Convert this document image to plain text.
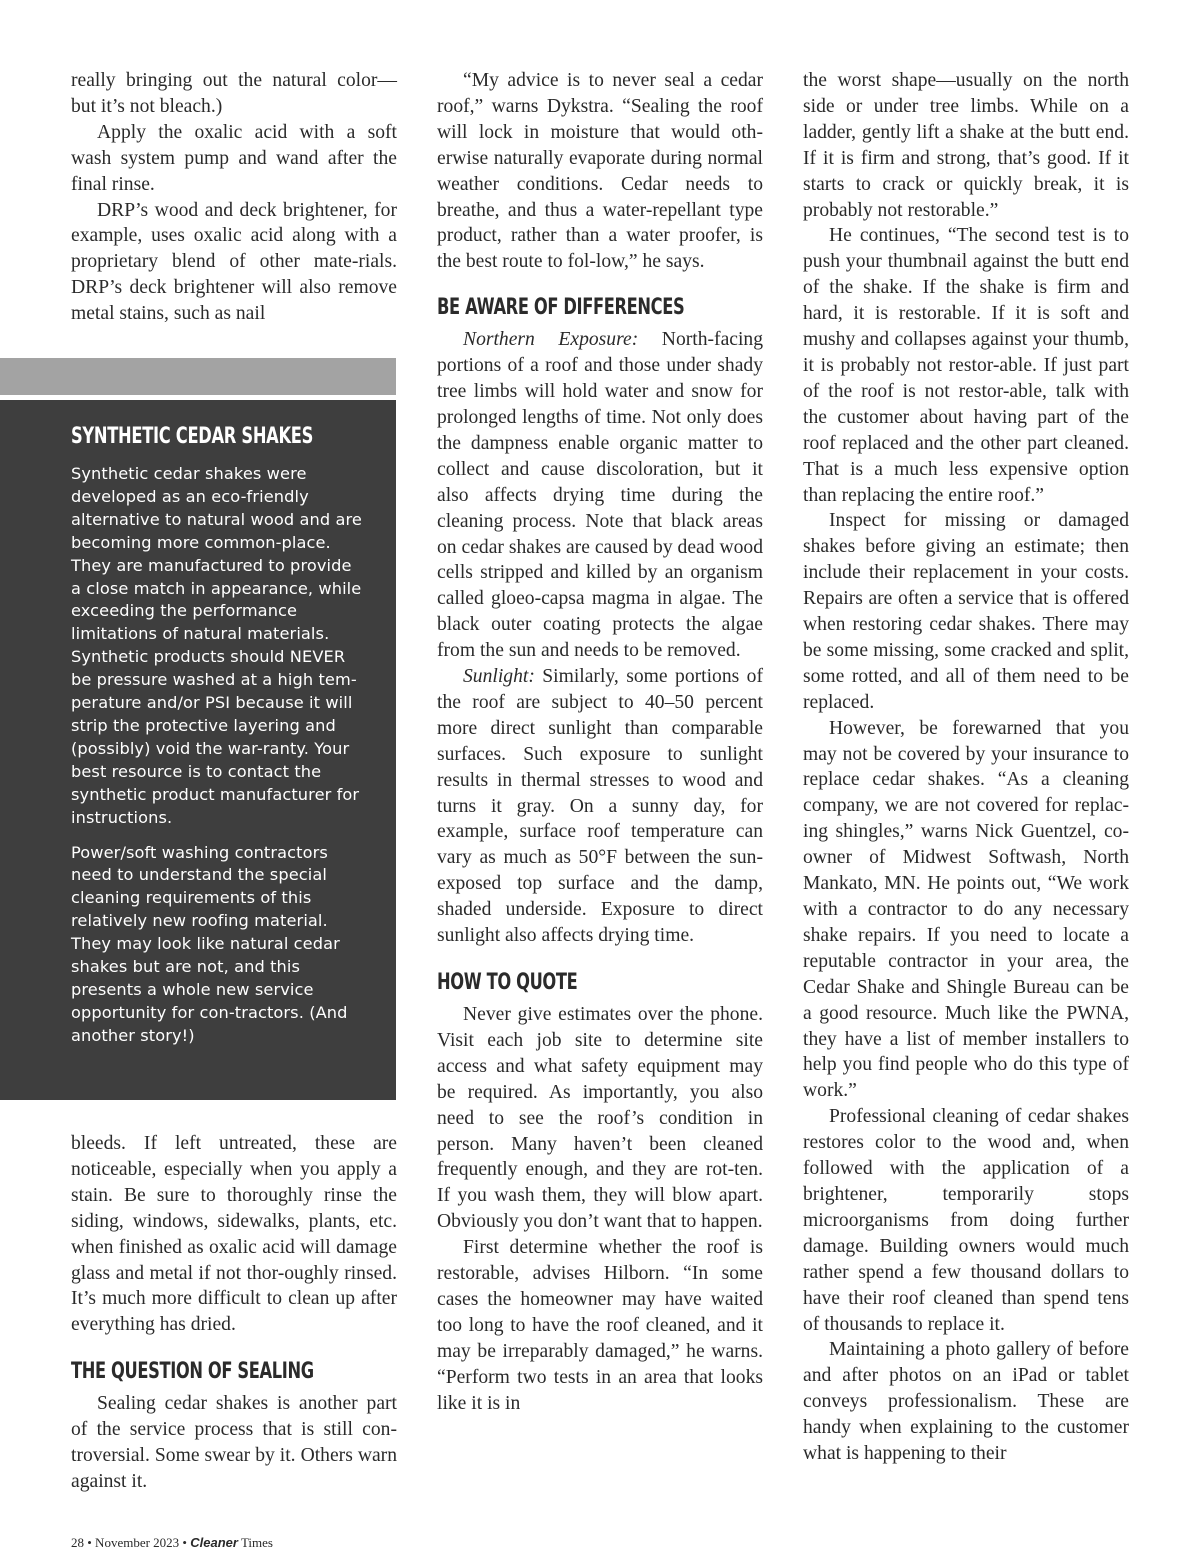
really bringing out the natural color— but it’s not bleach.)

Apply the oxalic acid with a soft wash system pump and wand after the final rinse.

DRP’s wood and deck brightener, for example, uses oxalic acid along with a proprietary blend of other mate-rials. DRP’s deck brightener will also remove metal stains, such as nail

SYNTHETIC CEDAR SHAKES

Synthetic cedar shakes were developed as an eco-friendly alternative to natural wood and are becoming more common-place. They are manufactured to provide a close match in appearance, while exceeding the performance limitations of natural materials. Synthetic products should NEVER be pressure washed at a high tem-perature and/or PSI because it will strip the protective layering and (possibly) void the war-ranty. Your best resource is to contact the synthetic product manufacturer for instructions.

Power/soft washing contractors need to understand the special cleaning requirements of this relatively new roofing material. They may look like natural cedar shakes but are not, and this presents a whole new service opportunity for con-tractors. (And another story!)

bleeds. If left untreated, these are noticeable, especially when you apply a stain. Be sure to thoroughly rinse the siding, windows, sidewalks, plants, etc. when finished as oxalic acid will damage glass and metal if not thor-oughly rinsed. It’s much more difficult to clean up after everything has dried.

THE QUESTION OF SEALING

Sealing cedar shakes is another part of the service process that is still con-troversial. Some swear by it. Others warn against it.

“My advice is to never seal a cedar roof,” warns Dykstra. “Sealing the roof will lock in moisture that would oth-erwise naturally evaporate during normal weather conditions. Cedar needs to breathe, and thus a water-repellant type product, rather than a water proofer, is the best route to fol-low,” he says.

BE AWARE OF DIFFERENCES

Northern Exposure: North-facing portions of a roof and those under shady tree limbs will hold water and snow for prolonged lengths of time. Not only does the dampness enable organic matter to collect and cause discoloration, but it also affects drying time during the cleaning process. Note that black areas on cedar shakes are caused by dead wood cells stripped and killed by an organism called gloeo-capsa magma in algae. The black outer coating protects the algae from the sun and needs to be removed.

Sunlight: Similarly, some portions of the roof are subject to 40–50 percent more direct sunlight than comparable surfaces. Such exposure to sunlight results in thermal stresses to wood and turns it gray. On a sunny day, for example, surface roof temperature can vary as much as 50°F between the sun-exposed top surface and the damp, shaded underside. Exposure to direct sunlight also affects drying time.

HOW TO QUOTE

Never give estimates over the phone. Visit each job site to determine site access and what safety equipment may be required. As importantly, you also need to see the roof’s condition in person. Many haven’t been cleaned frequently enough, and they are rot-ten. If you wash them, they will blow apart. Obviously you don’t want that to happen.

First determine whether the roof is restorable, advises Hilborn. “In some cases the homeowner may have waited too long to have the roof cleaned, and it may be irreparably damaged,” he warns. “Perform two tests in an area that looks like it is in

the worst shape—usually on the north side or under tree limbs. While on a ladder, gently lift a shake at the butt end. If it is firm and strong, that’s good. If it starts to crack or quickly break, it is probably not restorable.”

He continues, “The second test is to push your thumbnail against the butt end of the shake. If the shake is firm and hard, it is restorable. If it is soft and mushy and collapses against your thumb, it is probably not restor-able. If just part of the roof is not restor-able, talk with the customer about having part of the roof replaced and the other part cleaned. That is a much less expensive option than replacing the entire roof.”

Inspect for missing or damaged shakes before giving an estimate; then include their replacement in your costs. Repairs are often a service that is offered when restoring cedar shakes. There may be some missing, some cracked and split, some rotted, and all of them need to be replaced.

However, be forewarned that you may not be covered by your insurance to replace cedar shakes. “As a cleaning company, we are not covered for replac-ing shingles,” warns Nick Guentzel, co-owner of Midwest Softwash, North Mankato, MN. He points out, “We work with a contractor to do any necessary shake repairs. If you need to locate a reputable contractor in your area, the Cedar Shake and Shingle Bureau can be a good resource. Much like the PWNA, they have a list of member installers to help you find people who do this type of work.”

Professional cleaning of cedar shakes restores color to the wood and, when followed with the application of a brightener, temporarily stops microorganisms from doing further damage. Building owners would much rather spend a few thousand dollars to have their roof cleaned than spend tens of thousands to replace it.

Maintaining a photo gallery of before and after photos on an iPad or tablet conveys professionalism. These are handy when explaining to the customer what is happening to their

28 • November 2023 • Cleaner Times
